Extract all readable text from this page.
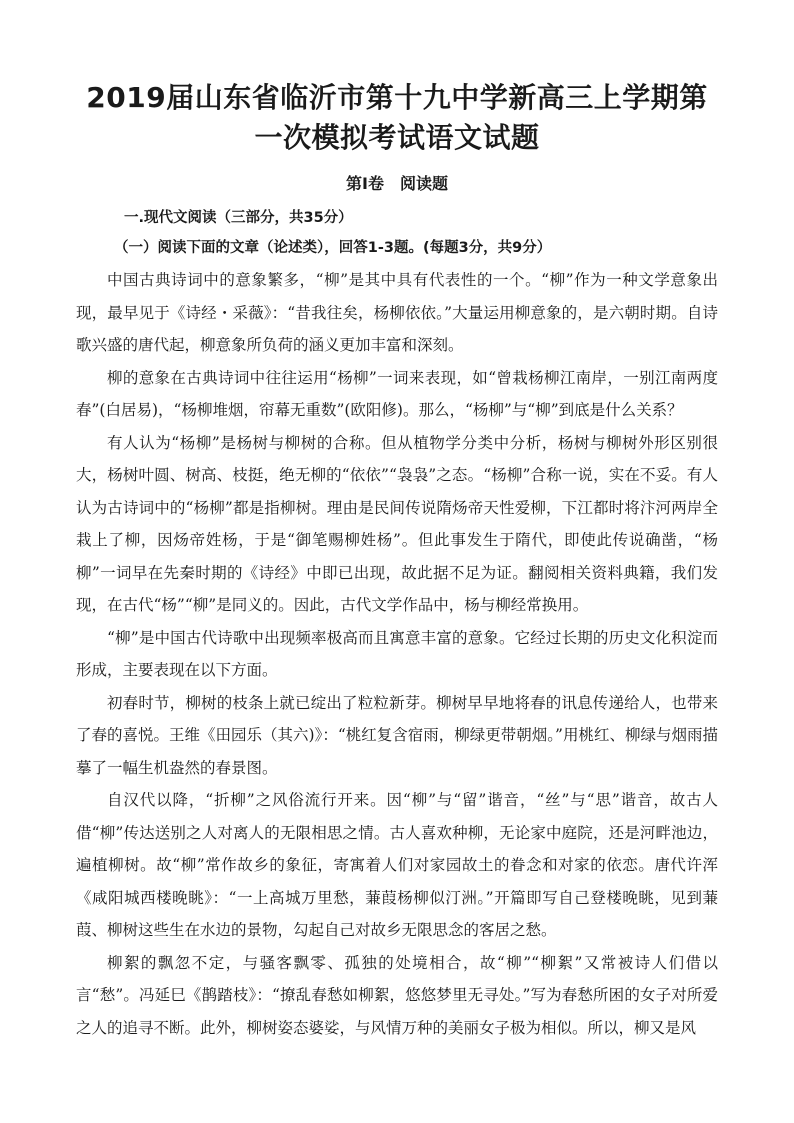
2019届山东省临沂市第十九中学新高三上学期第
一次模拟考试语文试题
第Ⅰ卷　阅读题
一.现代文阅读（三部分，共35分）
（一）阅读下面的文章（论述类），回答1-3题。(每题3分，共9分）

中国古典诗词中的意象繁多，“柳”是其中具有代表性的一个。“柳”作为一种文学意象出现，最早见于《诗经・采薇》：“昔我往矣，杨柳依依。”大量运用柳意象的，是六朝时期。自诗歌兴盛的唐代起，柳意象所负荷的涵义更加丰富和深刻。

柳的意象在古典诗词中往往运用“杨柳”一词来表现，如“曾栽杨柳江南岸，一别江南两度春”(白居易)，“杨柳堆烟，帘幕无重数”(欧阳修)。那么，“杨柳”与“柳”到底是什么关系？

有人认为“杨柳”是杨树与柳树的合称。但从植物学分类中分析，杨树与柳树外形区别很大，杨树叶圆、树高、枝挺，绝无柳的“依依”“袅袅”之态。“杨柳”合称一说，实在不妥。有人认为古诗词中的“杨柳”都是指柳树。理由是民间传说隋炀帝天性爱柳，下江都时将汴河两岸全栽上了柳，因炀帝姓杨，于是“御笔赐柳姓杨”。但此事发生于隋代，即使此传说确凿，“杨柳”一词早在先秦时期的《诗经》中即已出现，故此据不足为证。翻阅相关资料典籍，我们发现，在古代“杨”“柳”是同义的。因此，古代文学作品中，杨与柳经常换用。

“柳”是中国古代诗歌中出现频率极高而且寓意丰富的意象。它经过长期的历史文化积淀而形成，主要表现在以下方面。

初春时节，柳树的枝条上就已绽出了粒粒新芽。柳树早早地将春的讯息传递给人，也带来了春的喜悦。王维《田园乐（其六)》：“桃红复含宿雨，柳绿更带朝烟。”用桃红、柳绿与烟雨描摹了一幅生机盎然的春景图。

自汉代以降，“折柳”之风俗流行开来。因“柳”与“留”谐音，“丝”与“思”谐音，故古人借“柳”传达送别之人对离人的无限相思之情。古人喜欢种柳，无论家中庭院，还是河畔池边，遍植柳树。故“柳”常作故乡的象征，寄寓着人们对家园故土的眷念和对家的依恋。唐代许浑《咸阳城西楼晚眺》：“一上高城万里愁，蒹葭杨柳似汀洲。”开篇即写自己登楼晚眺，见到蒹葭、柳树这些生在水边的景物，勾起自己对故乡无限思念的客居之愁。

柳絮的飘忽不定，与骚客飘零、孤独的处境相合，故“柳”“柳絮”又常被诗人们借以言“愁”。冯延巳《鹊踏枝》：“撩乱春愁如柳絮，悠悠梦里无寻处。”写为春愁所困的女子对所爱之人的追寻不断。此外，柳树姿态婆娑，与风情万种的美丽女子极为相似。所以，柳又是风
